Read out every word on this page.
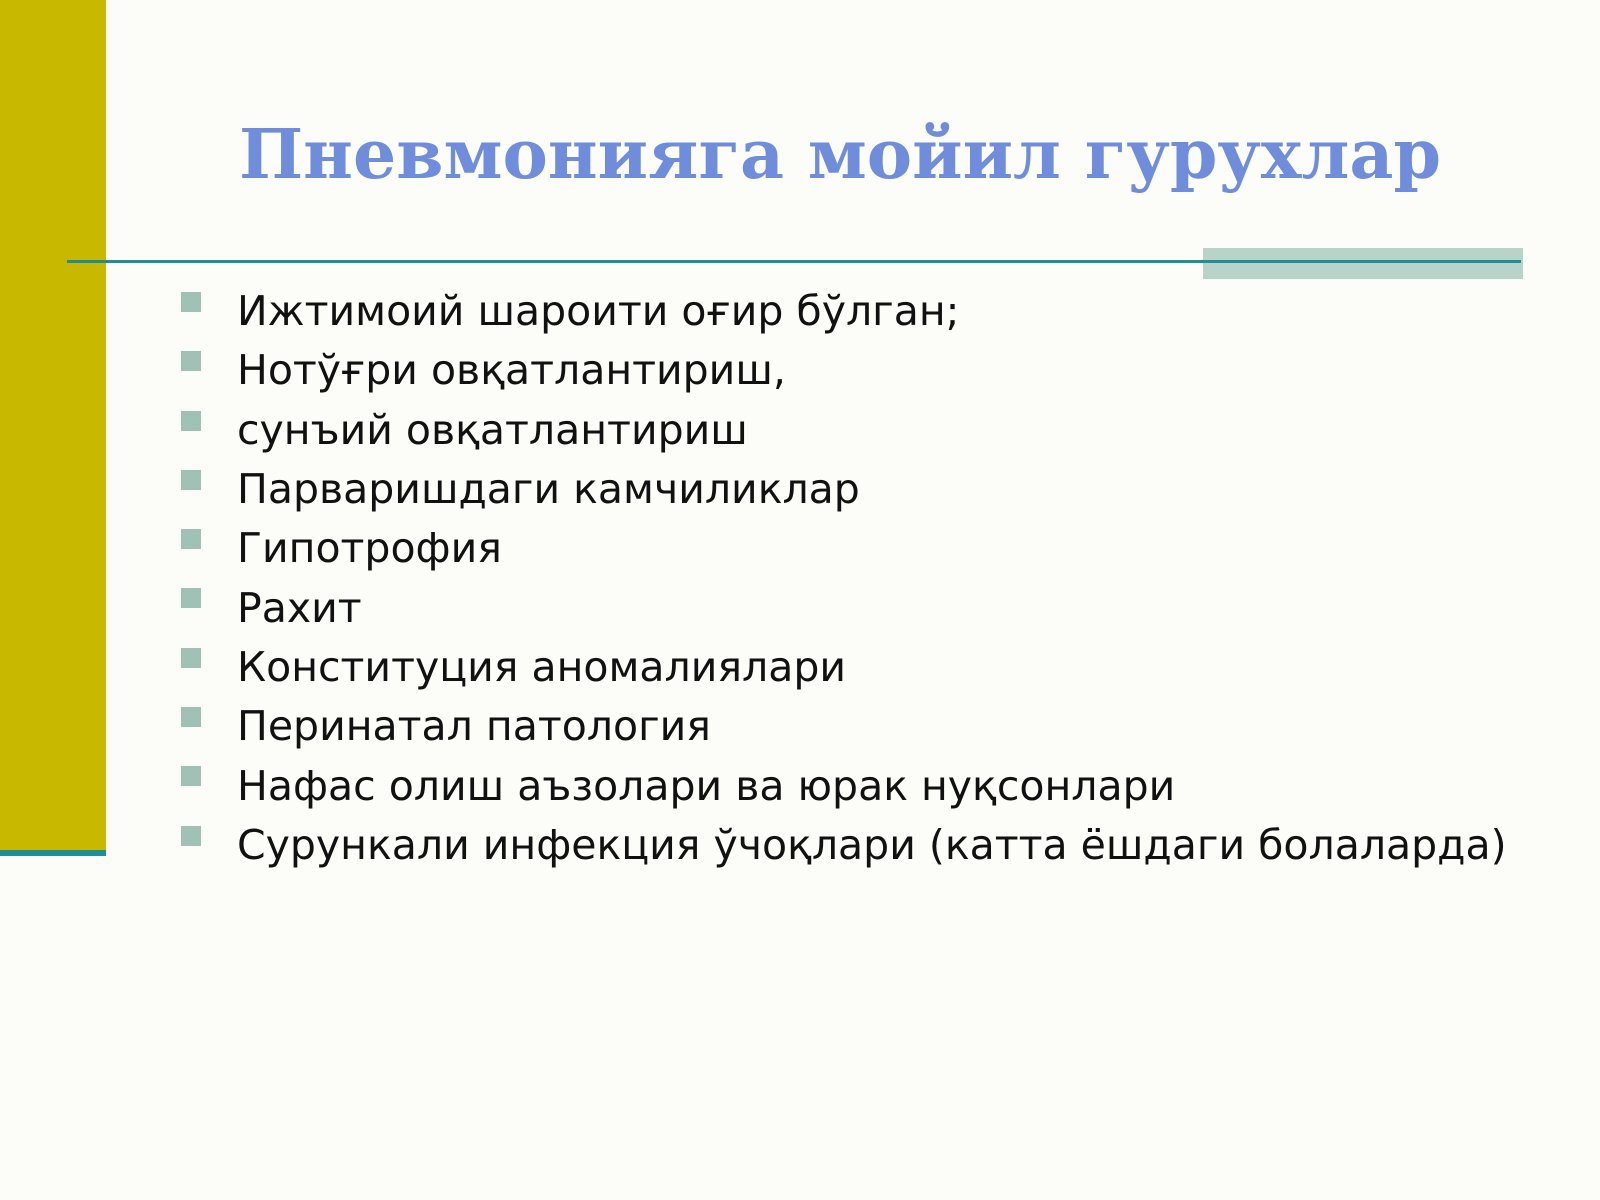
Пневмонияга мойил гурухлар
Ижтимоий шароити оғир бўлган;
Нотўғри овқатлантириш,
сунъий овқатлантириш
Парваришдаги камчиликлар
Гипотрофия
Рахит
Конституция аномалиялари
Перинатал патология
Нафас олиш аъзолари ва юрак нуқсонлари
Сурункали инфекция ўчоқлари (катта ёшдаги болаларда)
